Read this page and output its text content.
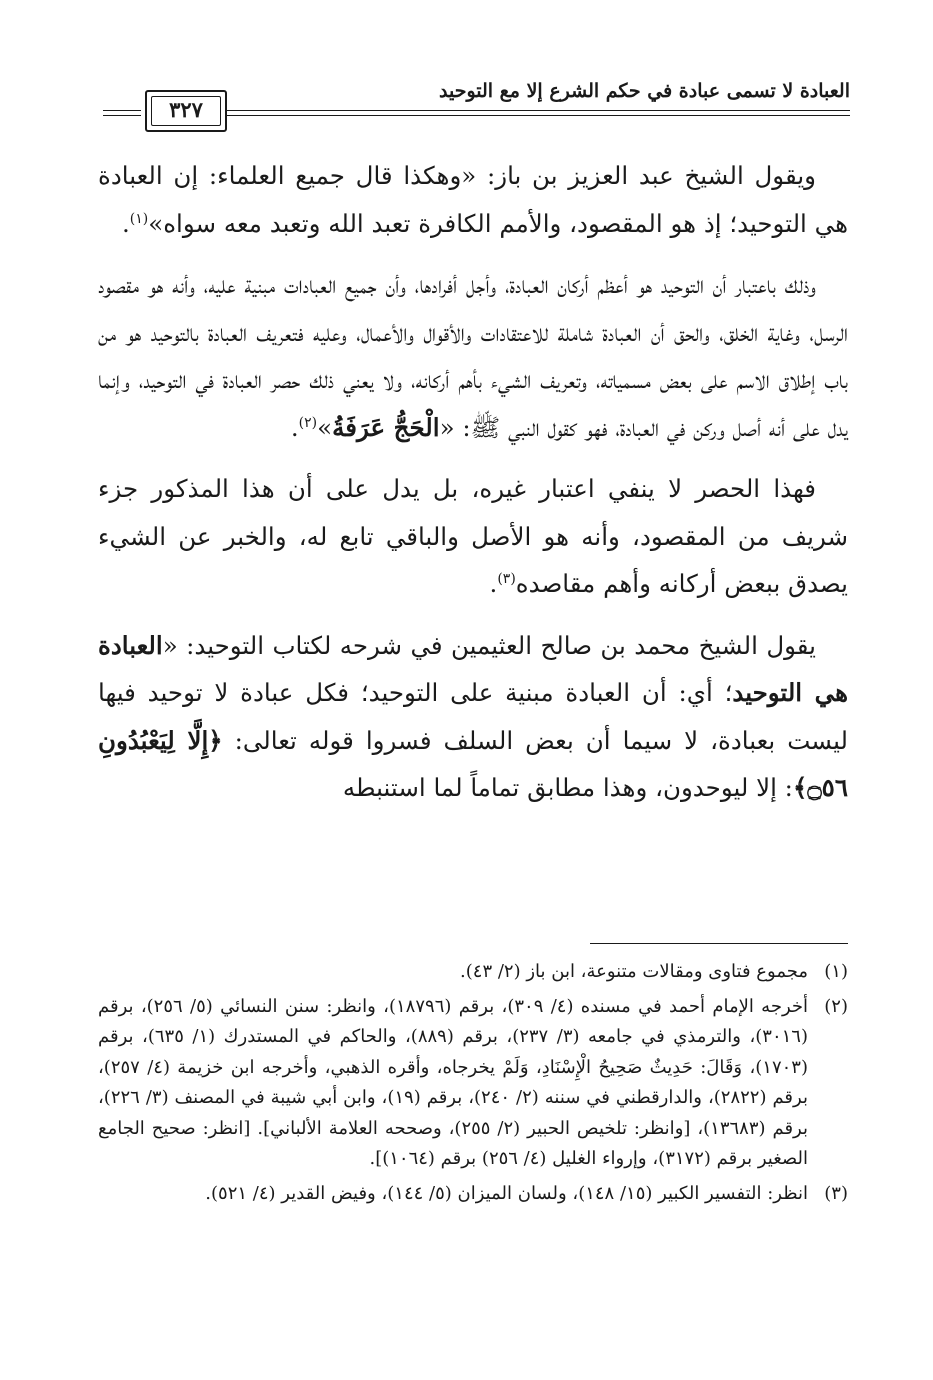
العبادة لا تسمى عبادة في حكم الشرع إلا مع التوحيد
٣٢٧

ويقول الشيخ عبد العزيز بن باز: «وهكذا قال جميع العلماء: إن العبادة هي التوحيد؛ إذ هو المقصود، والأمم الكافرة تعبد الله وتعبد معه سواه»$^{(١)}$.

وذلك باعتبار أن التوحيد هو أعظم أركان العبادة، وأجل أفرادها، وأن جميع العبادات مبنية عليه، وأنه هو مقصود الرسل، وغاية الخلق، والحق أن العبادة شاملة للاعتقادات والأقوال والأعمال، وعليه فتعريف العبادة بالتوحيد هو من باب إطلاق الاسم على بعض مسمياته، وتعريف الشيء بأهم أركانه، ولا يعني ذلك حصر العبادة في التوحيد، وإنما يدل على أنه أصل وركن في العبادة، فهو كقول النبي ﷺ: «الْحَجُّ عَرَفَةُ»$^{(٢)}$.

فهذا الحصر لا ينفي اعتبار غيره، بل يدل على أن هذا المذكور جزء شريف من المقصود، وأنه هو الأصل والباقي تابع له، والخبر عن الشيء يصدق ببعض أركانه وأهم مقاصده$^{(٣)}$.

يقول الشيخ محمد بن صالح العثيمين في شرحه لكتاب التوحيد: «العبادة هي التوحيد؛ أي: أن العبادة مبنية على التوحيد؛ فكل عبادة لا توحيد فيها ليست بعبادة، لا سيما أن بعض السلف فسروا قوله تعالى: ﴿إِلَّا لِيَعْبُدُونِ ۝٥٦﴾: إلا ليوحدون، وهذا مطابق تماماً لما استنبطه

(١)
مجموع فتاوى ومقالات متنوعة، ابن باز (٢/ ٤٣).
(٢)
أخرجه الإمام أحمد في مسنده (٤/ ٣٠٩)، برقم (١٨٧٩٦)، وانظر: سنن النسائي (٥/ ٢٥٦)، برقم (٣٠١٦)، والترمذي في جامعه (٣/ ٢٣٧)، برقم (٨٨٩)، والحاكم في المستدرك (١/ ٦٣٥)، برقم (١٧٠٣)، وَقَالَ: حَدِيثٌ صَحِيحُ الْإِسْنَادِ، وَلَمْ يخرجاه، وأقره الذهبي، وأخرجه ابن خزيمة (٤/ ٢٥٧)، برقم (٢٨٢٢)، والدارقطني في سننه (٢/ ٢٤٠)، برقم (١٩)، وابن أبي شيبة في المصنف (٣/ ٢٢٦)، برقم (١٣٦٨٣)، [وانظر: تلخيص الحبير (٢/ ٢٥٥)، وصححه العلامة الألباني]. [انظر: صحيح الجامع الصغير برقم (٣١٧٢)، وإرواء الغليل (٤/ ٢٥٦) برقم (١٠٦٤)].
(٣)
انظر: التفسير الكبير (١٥/ ١٤٨)، ولسان الميزان (٥/ ١٤٤)، وفيض القدير (٤/ ٥٢١).
